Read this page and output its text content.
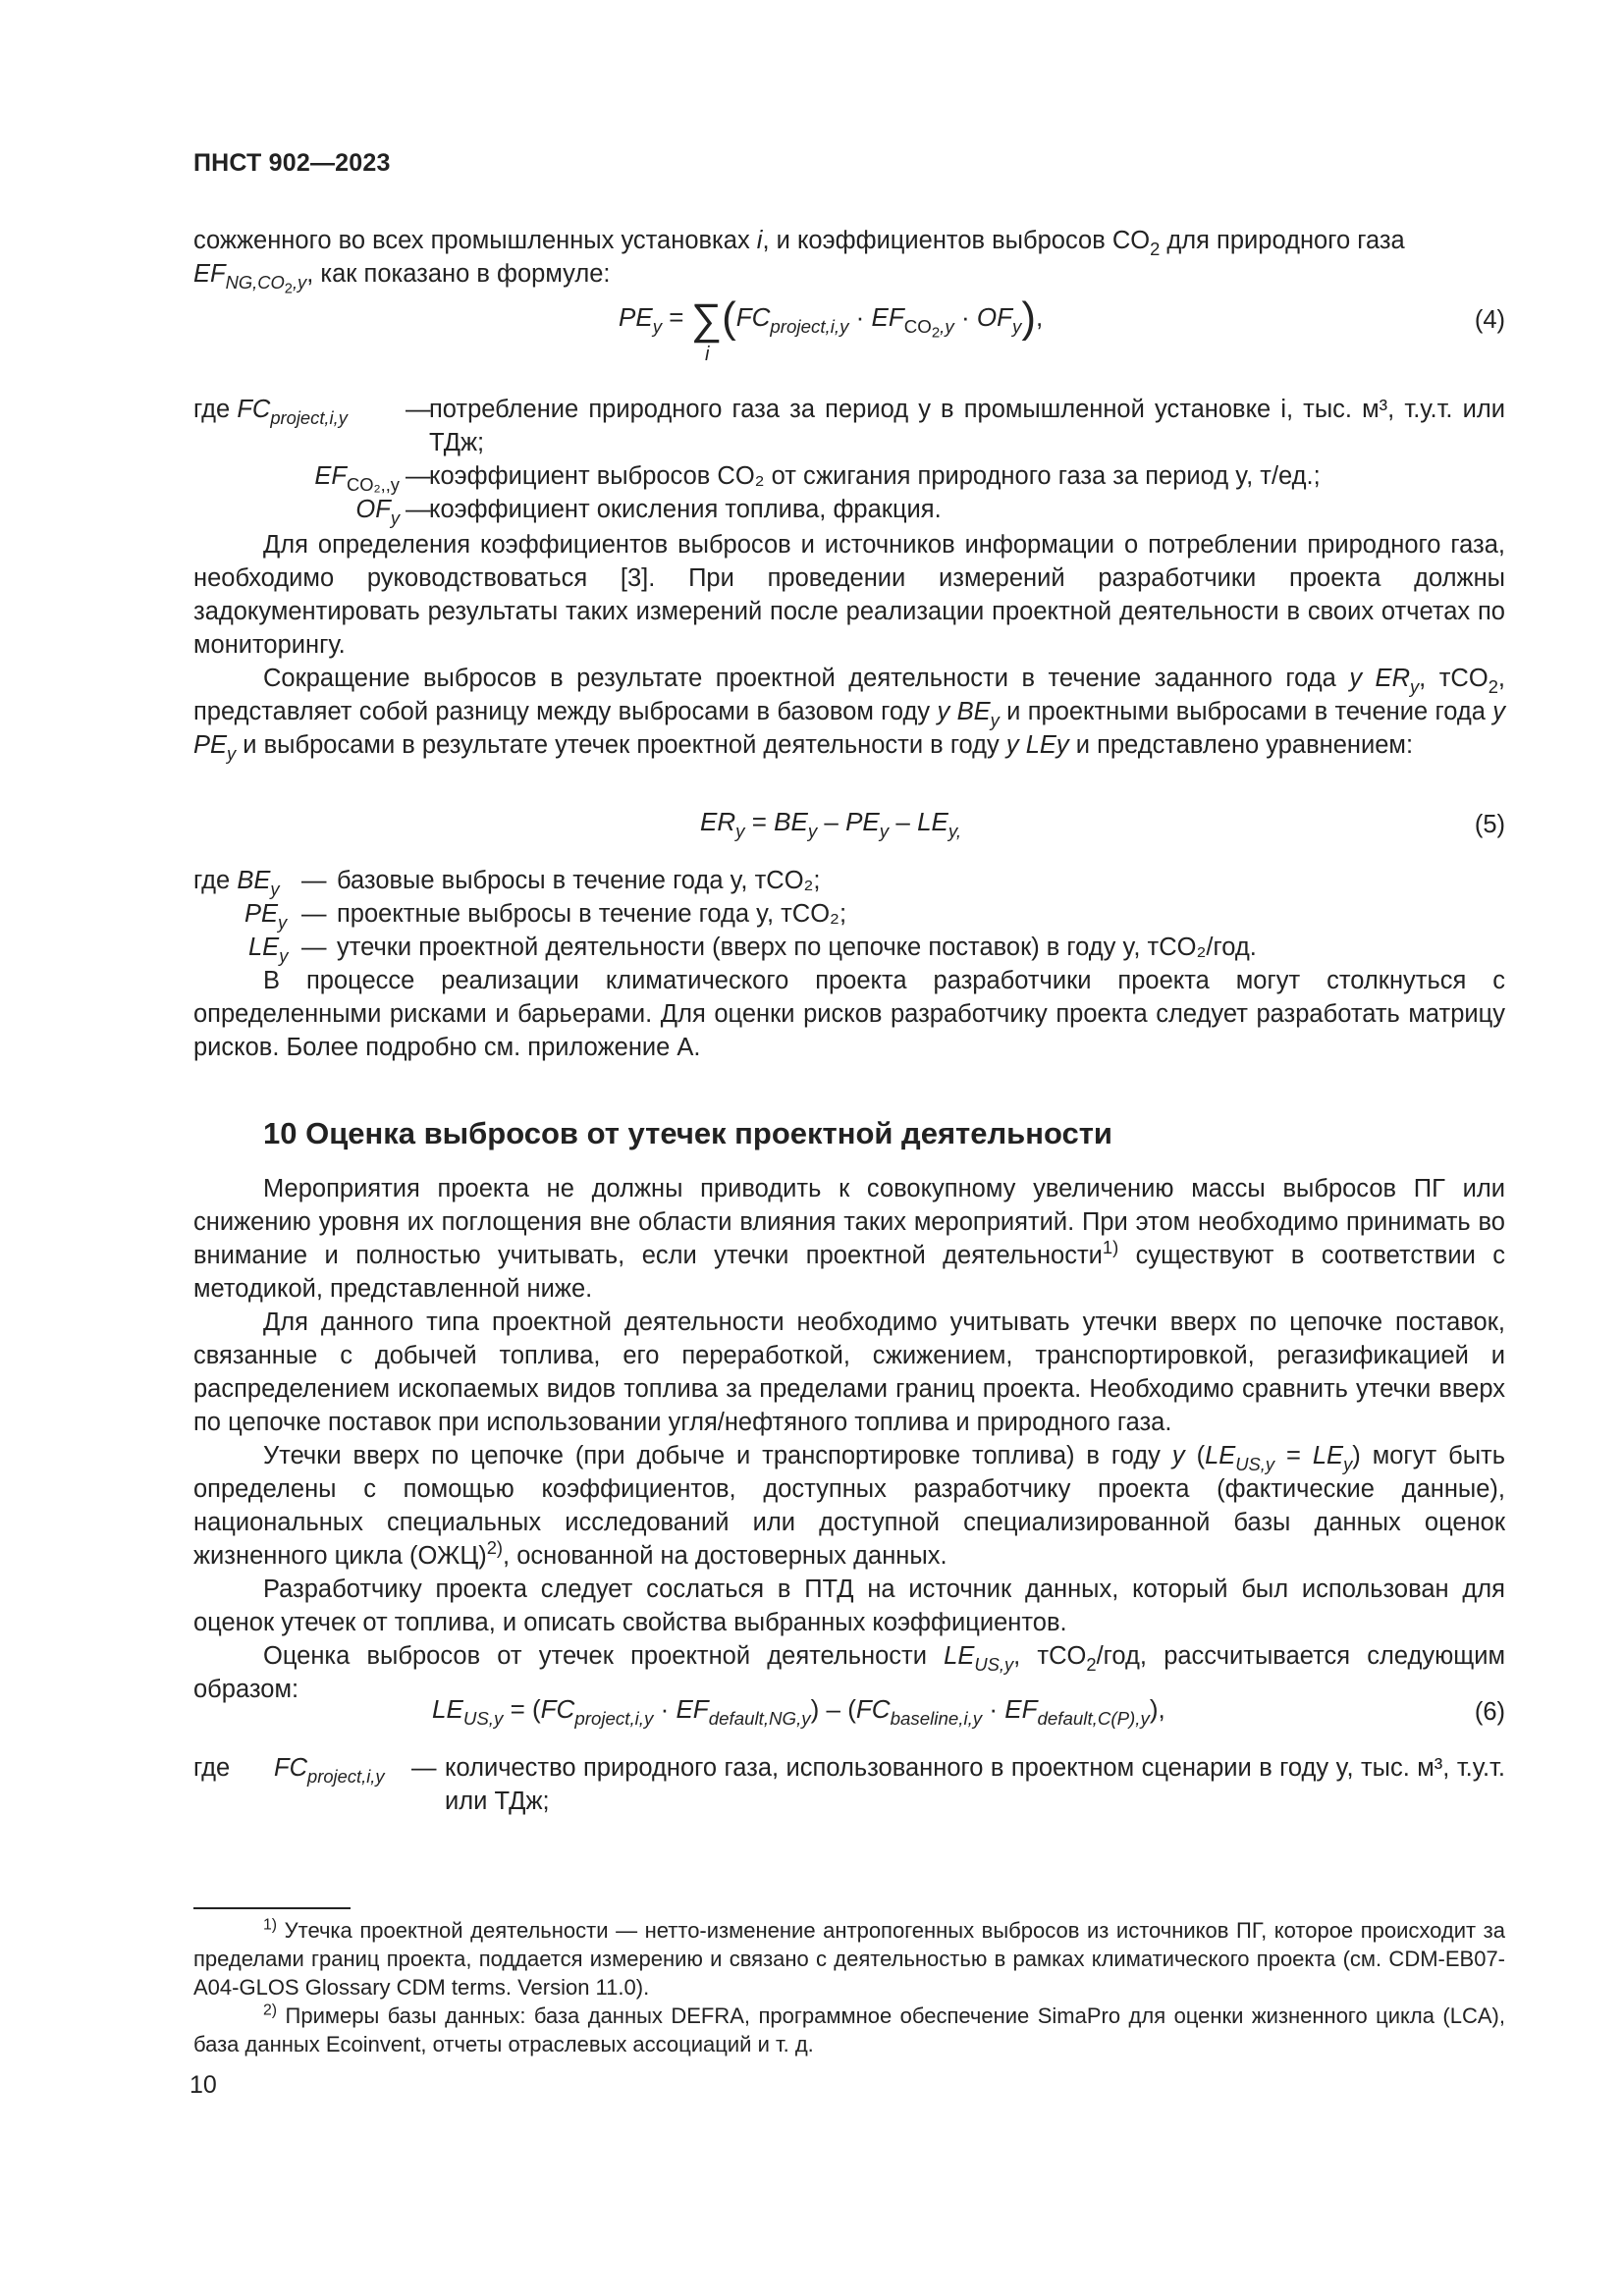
ПНСТ 902—2023

сожженного во всех промышленных установках i, и коэффициентов выбросов $CO_2$ для природного газа
$EF_{NG,CO_2,y}$, как показано в формуле:

$PE_y = \sum(FC_{project,i,y} \cdot EF_{CO_2,y} \cdot OF_y)$,
i
(4)
где $FC_{project,i,y}$ —
потребление природного газа за период y в промышленной установке i, тыс. м³, т.у.т. или ТДж;
$EF_{CO_2,,y}$ —
коэффициент выбросов CO₂ от сжигания природного газа за период y, т/ед.;
$OF_y$ —
коэффициент окисления топлива, фракция.

Для определения коэффициентов выбросов и источников информации о потреблении природного газа, необходимо руководствоваться [3]. При проведении измерений разработчики проекта должны задокументировать результаты таких измерений после реализации проектной деятельности в своих отчетах по мониторингу.

Сокращение выбросов в результате проектной деятельности в течение заданного года y $ER_y$, тCO$_2$, представляет собой разницу между выбросами в базовом году y $BE_y$ и проектными выбросами в течение года y $PE_y$ и выбросами в результате утечек проектной деятельности в году y LEy и представлено уравнением:

$ER_y = BE_y - PE_y - LE_{y,}$	(5)
где $BE_y$ — базовые выбросы в течение года y, тCO₂;
$PE_y$ — проектные выбросы в течение года y, тCO₂;
$LE_y$ — утечки проектной деятельности (вверх по цепочке поставок) в году y, тCO₂/год.

В процессе реализации климатического проекта разработчики проекта могут столкнуться с определенными рисками и барьерами. Для оценки рисков разработчику проекта следует разработать матрицу рисков. Более подробно см. приложение А.

10 Оценка выбросов от утечек проектной деятельности

Мероприятия проекта не должны приводить к совокупному увеличению массы выбросов ПГ или снижению уровня их поглощения вне области влияния таких мероприятий. При этом необходимо принимать во внимание и полностью учитывать, если утечки проектной деятельности$^{1)}$ существуют в соответствии с методикой, представленной ниже.

Для данного типа проектной деятельности необходимо учитывать утечки вверх по цепочке поставок, связанные с добычей топлива, его переработкой, сжижением, транспортировкой, регазификацией и распределением ископаемых видов топлива за пределами границ проекта. Необходимо сравнить утечки вверх по цепочке поставок при использовании угля/нефтяного топлива и природного газа.

Утечки вверх по цепочке (при добыче и транспортировке топлива) в году y $(LE_{US,y} = LE_y)$ могут быть определены с помощью коэффициентов, доступных разработчику проекта (фактические данные), национальных специальных исследований или доступной специализированной базы данных оценок жизненного цикла (ОЖЦ)$^{2)}$, основанной на достоверных данных.

Разработчику проекта следует сослаться в ПТД на источник данных, который был использован для оценок утечек от топлива, и описать свойства выбранных коэффициентов.

Оценка выбросов от утечек проектной деятельности $LE_{US,y}$, тCO$_2$/год, рассчитывается следующим образом:

$LE_{US,y} = (FC_{project,i,y} \cdot EF_{default,NG,y}) - (FC_{baseline,i,y} \cdot EF_{default,C(P),y})$,	(6)
где $FC_{project,i,y}$ — количество природного газа, использованного в проектном сценарии в году y, тыс. м³, т.у.т. или ТДж;

$^{1)}$ Утечка проектной деятельности — нетто-изменение антропогенных выбросов из источников ПГ, которое происходит за пределами границ проекта, поддается измерению и связано с деятельностью в рамках климатического проекта (см. CDM-EB07-A04-GLOS Glossary CDM terms. Version 11.0).

$^{2)}$ Примеры базы данных: база данных DEFRA, программное обеспечение SimaPro для оценки жизненного цикла (LCA), база данных Ecoinvent, отчеты отраслевых ассоциаций и т. д.

10
